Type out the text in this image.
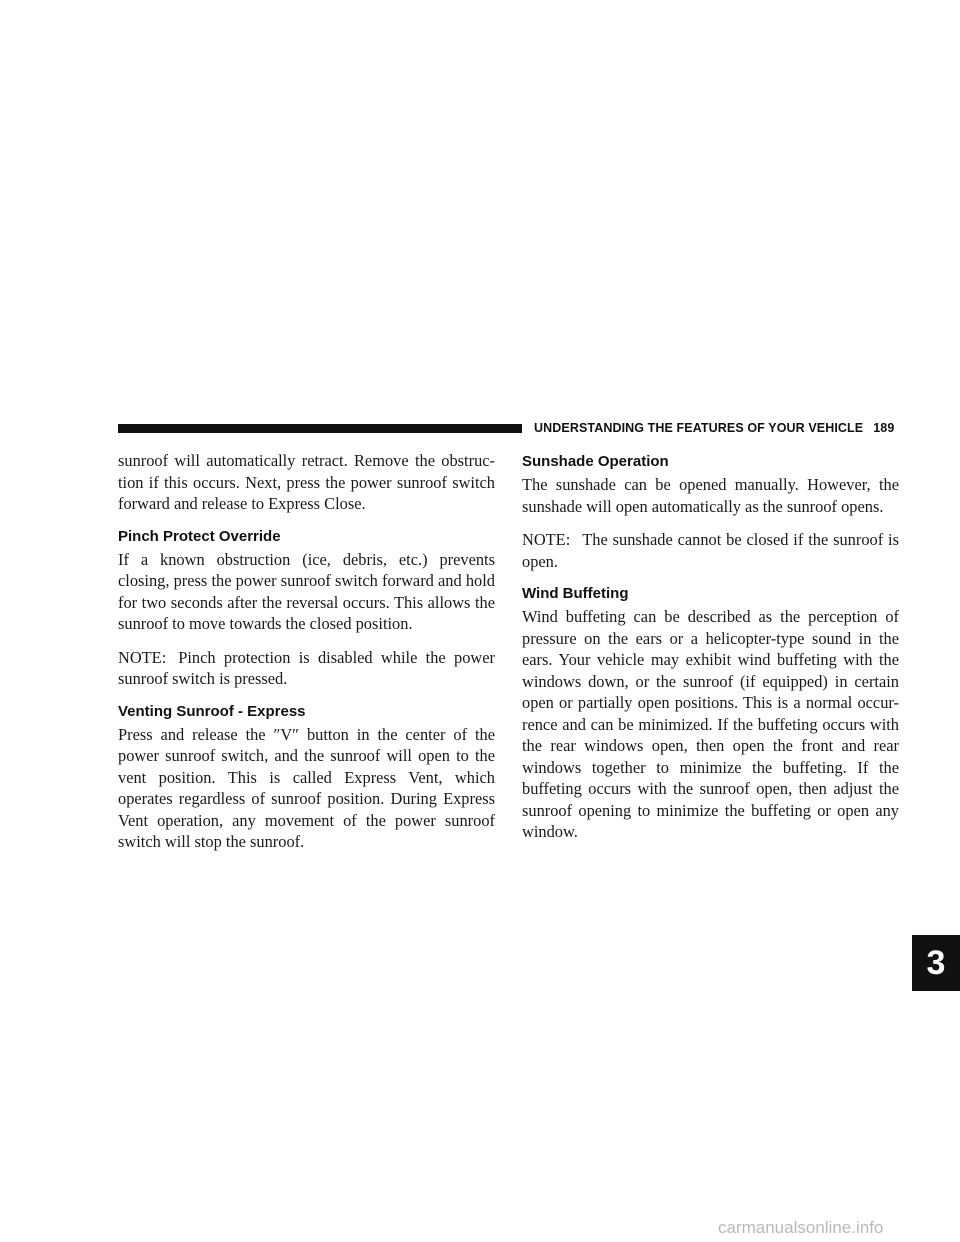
UNDERSTANDING THE FEATURES OF YOUR VEHICLE 189

sunroof will automatically retract. Remove the obstruc-tion if this occurs. Next, press the power sunroof switch forward and release to Express Close.

Pinch Protect Override

If a known obstruction (ice, debris, etc.) prevents closing, press the power sunroof switch forward and hold for two seconds after the reversal occurs. This allows the sunroof to move towards the closed position.

NOTE: Pinch protection is disabled while the power sunroof switch is pressed.

Venting Sunroof - Express

Press and release the ″V″ button in the center of the power sunroof switch, and the sunroof will open to the vent position. This is called Express Vent, which operates regardless of sunroof position. During Express Vent operation, any movement of the power sunroof switch will stop the sunroof.

Sunshade Operation

The sunshade can be opened manually. However, the sunshade will open automatically as the sunroof opens.

NOTE: The sunshade cannot be closed if the sunroof is open.

Wind Buffeting

Wind buffeting can be described as the perception of pressure on the ears or a helicopter-type sound in the ears. Your vehicle may exhibit wind buffeting with the windows down, or the sunroof (if equipped) in certain open or partially open positions. This is a normal occur-rence and can be minimized. If the buffeting occurs with the rear windows open, then open the front and rear windows together to minimize the buffeting. If the buffeting occurs with the sunroof open, then adjust the sunroof opening to minimize the buffeting or open any window.

3
carmanualsonline.info
